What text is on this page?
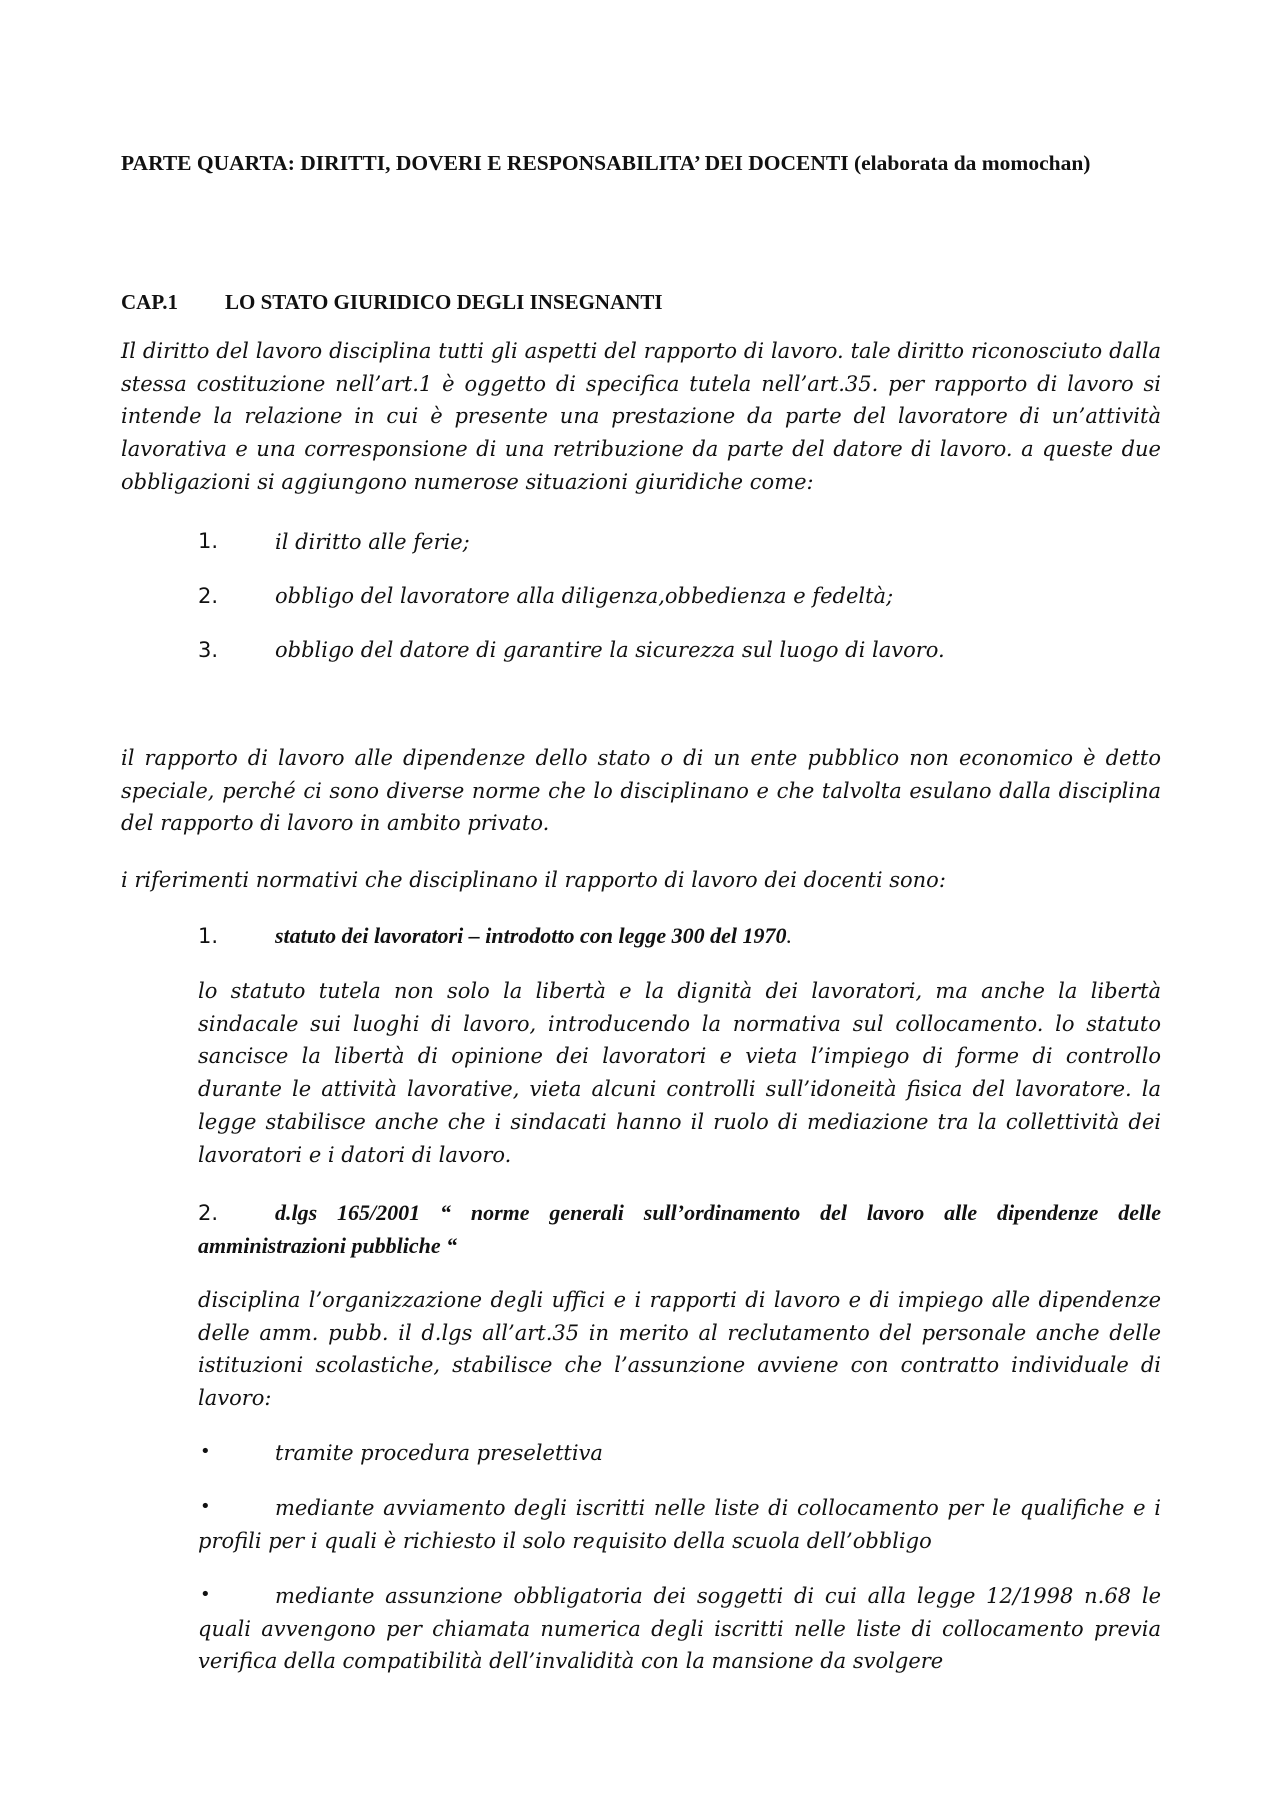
PARTE QUARTA: DIRITTI, DOVERI E RESPONSABILITA’ DEI DOCENTI (elaborata da momochan)
CAP.1 LO STATO GIURIDICO DEGLI INSEGNANTI
Il diritto del lavoro disciplina tutti gli aspetti del rapporto di lavoro. tale diritto riconosciuto dalla stessa costituzione nell’art.1 è oggetto di specifica tutela nell’art.35. per rapporto di lavoro si intende la relazione in cui è presente una prestazione da parte del lavoratore di un’attività lavorativa e una corresponsione di una retribuzione da parte del datore di lavoro. a queste due obbligazioni si aggiungono numerose situazioni giuridiche come:
1.	il diritto alle ferie;
2.	obbligo del lavoratore alla diligenza,obbedienza e fedeltà;
3.	obbligo del datore di garantire la sicurezza sul luogo di lavoro.
il rapporto di lavoro alle dipendenze dello stato o di un ente pubblico non economico è detto speciale, perché ci sono diverse norme che lo disciplinano e che talvolta esulano dalla disciplina del rapporto di lavoro in ambito privato.
i riferimenti normativi che disciplinano il rapporto di lavoro dei docenti sono:
1.	statuto dei lavoratori – introdotto con legge 300 del 1970.
lo statuto tutela non solo la libertà e la dignità dei lavoratori, ma anche la libertà sindacale sui luoghi di lavoro, introducendo la normativa sul collocamento. lo statuto sancisce la libertà di opinione dei lavoratori e vieta l’impiego di forme di controllo durante le attività lavorative, vieta alcuni controlli sull’idoneità fisica del lavoratore. la legge stabilisce anche che i sindacati hanno il ruolo di mediazione tra la collettività dei lavoratori e i datori di lavoro.
2.	d.lgs 165/2001 “ norme generali sull’ordinamento del lavoro alle dipendenze delle amministrazioni pubbliche “
disciplina l’organizzazione degli uffici e i rapporti di lavoro e di impiego alle dipendenze delle amm. pubb. il d.lgs all’art.35 in merito al reclutamento del personale anche delle istituzioni scolastiche, stabilisce che l’assunzione avviene con contratto individuale di lavoro:
•	tramite procedura preselettiva
•	mediante avviamento degli iscritti nelle liste di collocamento per le qualifiche e i profili per i quali è richiesto il solo requisito della scuola dell’obbligo
•	mediante assunzione obbligatoria dei soggetti di cui alla legge 12/1998 n.68 le quali avvengono per chiamata numerica degli iscritti nelle liste di collocamento previa verifica della compatibilità dell’invalidità con la mansione da svolgere
